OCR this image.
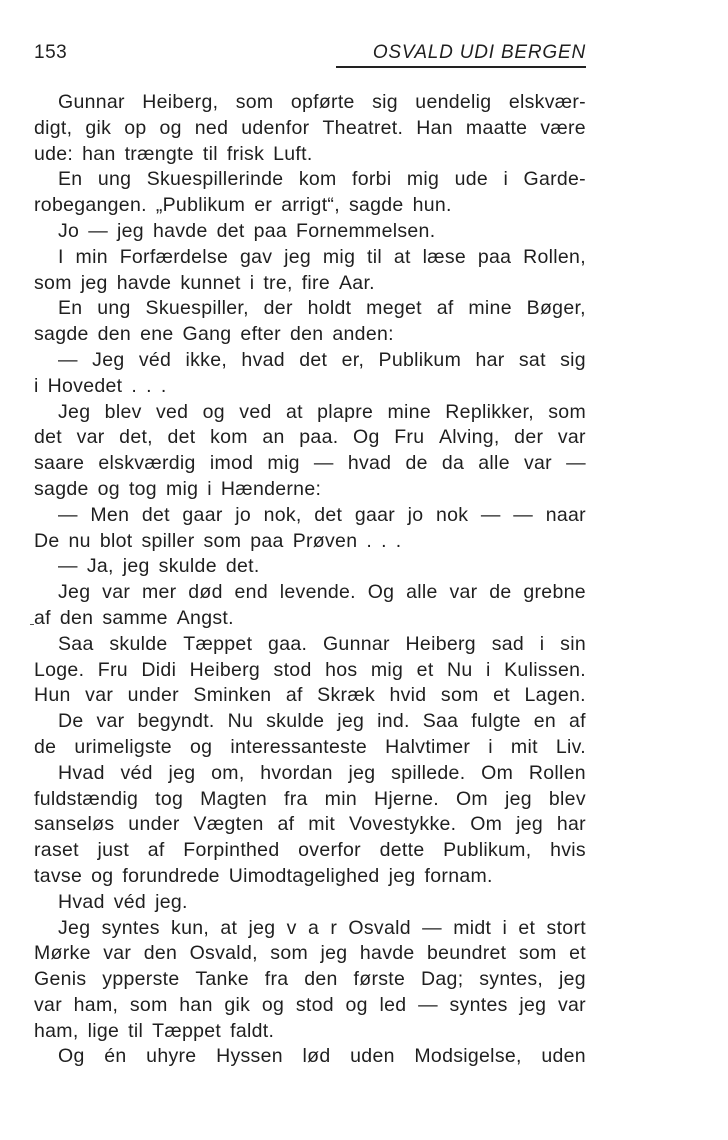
153	OSVALD UDI BERGEN
Gunnar Heiberg, som opførte sig uendelig elskvær-
digt, gik op og ned udenfor Theatret. Han maatte være
ude: han trængte til frisk Luft.
En ung Skuespillerinde kom forbi mig ude i Garde-
robegangen. „Publikum er arrigt“, sagde hun.
Jo — jeg havde det paa Fornemmelsen.
I min Forfærdelse gav jeg mig til at læse paa Rollen,
som jeg havde kunnet i tre, fire Aar.
En ung Skuespiller, der holdt meget af mine Bøger,
sagde den ene Gang efter den anden:
— Jeg véd ikke, hvad det er, Publikum har sat sig
i Hovedet . . .
Jeg blev ved og ved at plapre mine Replikker, som
det var det, det kom an paa. Og Fru Alving, der var
saare elskværdig imod mig — hvad de da alle var —
sagde og tog mig i Hænderne:
— Men det gaar jo nok, det gaar jo nok — — naar
De nu blot spiller som paa Prøven . . .
— Ja, jeg skulde det.
Jeg var mer død end levende. Og alle var de grebne
af den samme Angst.
Saa skulde Tæppet gaa. Gunnar Heiberg sad i sin
Loge. Fru Didi Heiberg stod hos mig et Nu i Kulissen.
Hun var under Sminken af Skræk hvid som et Lagen.
De var begyndt. Nu skulde jeg ind. Saa fulgte en af
de urimeligste og interessanteste Halvtimer i mit Liv.
Hvad véd jeg om, hvordan jeg spillede. Om Rollen
fuldstændig tog Magten fra min Hjerne. Om jeg blev
sanseløs under Vægten af mit Vovestykke. Om jeg har
raset just af Forpinthed overfor dette Publikum, hvis
tavse og forundrede Uimodtagelighed jeg fornam.
Hvad véd jeg.
Jeg syntes kun, at jeg v a r Osvald — midt i et stort
Mørke var den Osvald, som jeg havde beundret som et
Genis ypperste Tanke fra den første Dag; syntes, jeg
var ham, som han gik og stod og led — syntes jeg var
ham, lige til Tæppet faldt.
Og én uhyre Hyssen lød uden Modsigelse, uden
